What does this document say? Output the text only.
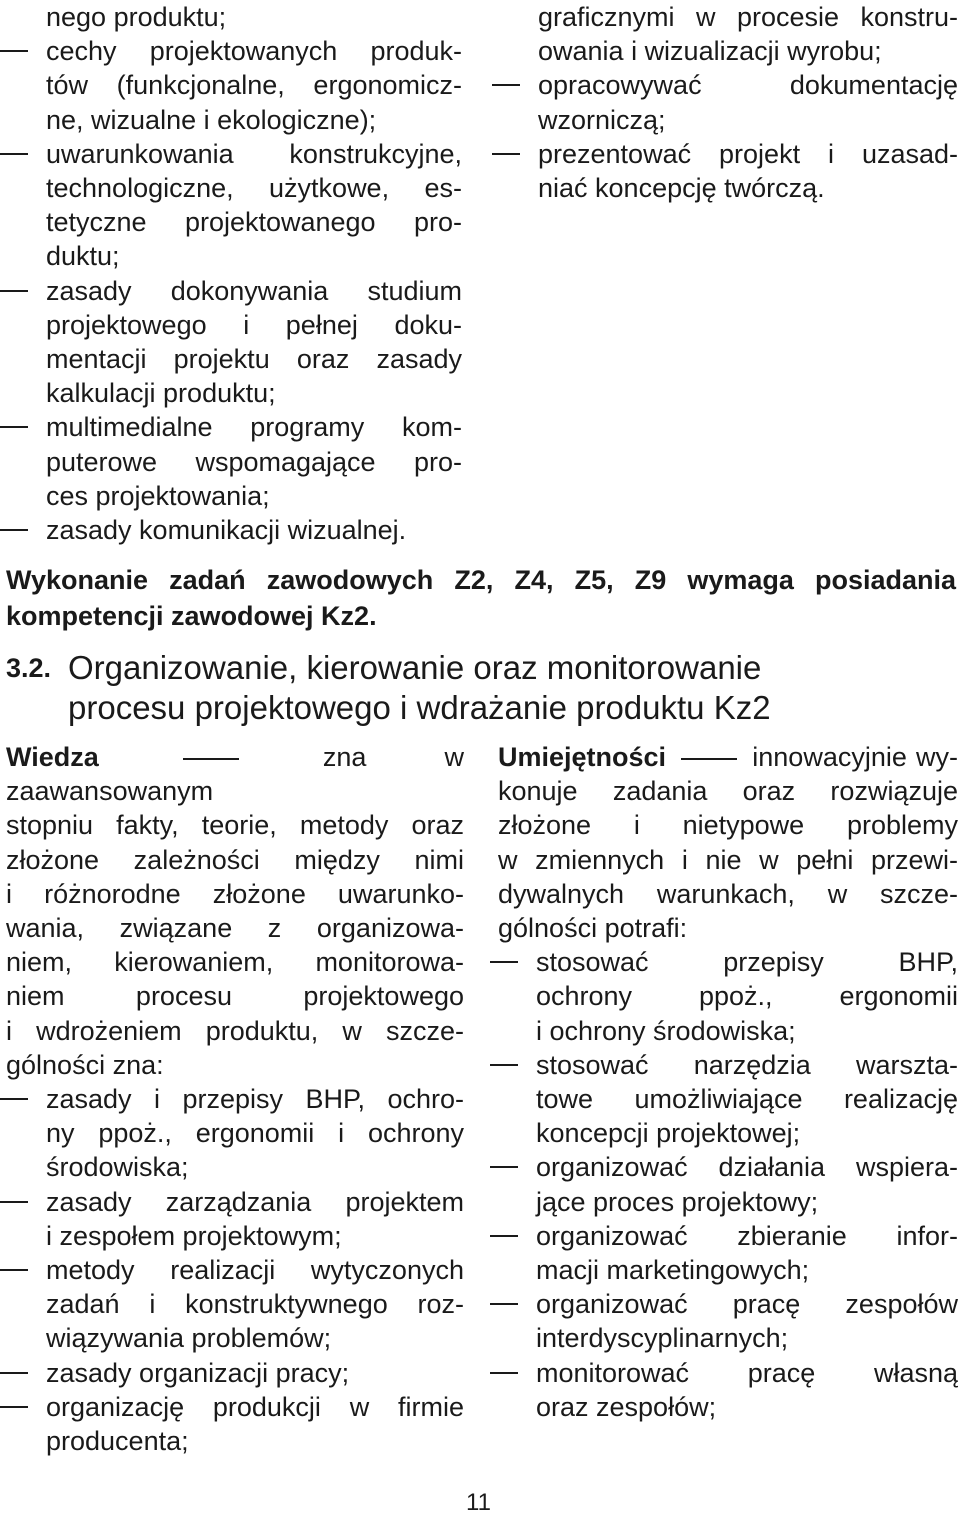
nego produktu;
cechy projektowanych produk-
tów (funkcjonalne, ergonomicz-
ne, wizualne i ekologiczne);
uwarunkowania konstrukcyjne,
technologiczne, użytkowe, es-
tetyczne projektowanego pro-
duktu;
zasady dokonywania studium
projektowego i pełnej doku-
mentacji projektu oraz zasady
kalkulacji produktu;
multimedialne programy kom-
puterowe wspomagające pro-
ces projektowania;
zasady komunikacji wizualnej.
graficznymi w procesie konstru-
owania i wizualizacji wyrobu;
opracowywać dokumentację
wzorniczą;
prezentować projekt i uzasad-
niać koncepcję twórczą.
Wykonanie zadań zawodowych Z2, Z4, Z5, Z9 wymaga posiadania
kompetencji zawodowej Kz2.
3.2. Organizowanie, kierowanie oraz monitorowanie
procesu projektowego i wdrażanie produktu Kz2
Wiedza	zna w zaawansowanym
stopniu fakty, teorie, metody oraz
złożone zależności między nimi
i różnorodne złożone uwarunko-
wania, związane z organizowa-
niem, kierowaniem, monitorowa-
niem procesu projektowego
i wdrożeniem produktu, w szcze-
gólności zna:
zasady i przepisy BHP, ochro-
ny ppoż., ergonomii i ochrony
środowiska;
zasady zarządzania projektem
i zespołem projektowym;
metody realizacji wytyczonych
zadań i konstruktywnego roz-
wiązywania problemów;
zasady organizacji pracy;
organizację produkcji w firmie
producenta;
Umiejętności	innowacyjnie wy-
konuje zadania oraz rozwiązuje
złożone i nietypowe problemy
w zmiennych i nie w pełni przewi-
dywalnych warunkach, w szcze-
gólności potrafi:
stosować przepisy BHP,
ochrony ppoż., ergonomii
i ochrony środowiska;
stosować narzędzia warszta-
towe umożliwiające realizację
koncepcji projektowej;
organizować działania wspiera-
jące proces projektowy;
organizować zbieranie infor-
macji marketingowych;
organizować pracę zespołów
interdyscyplinarnych;
monitorować pracę własną
oraz zespołów;
11
